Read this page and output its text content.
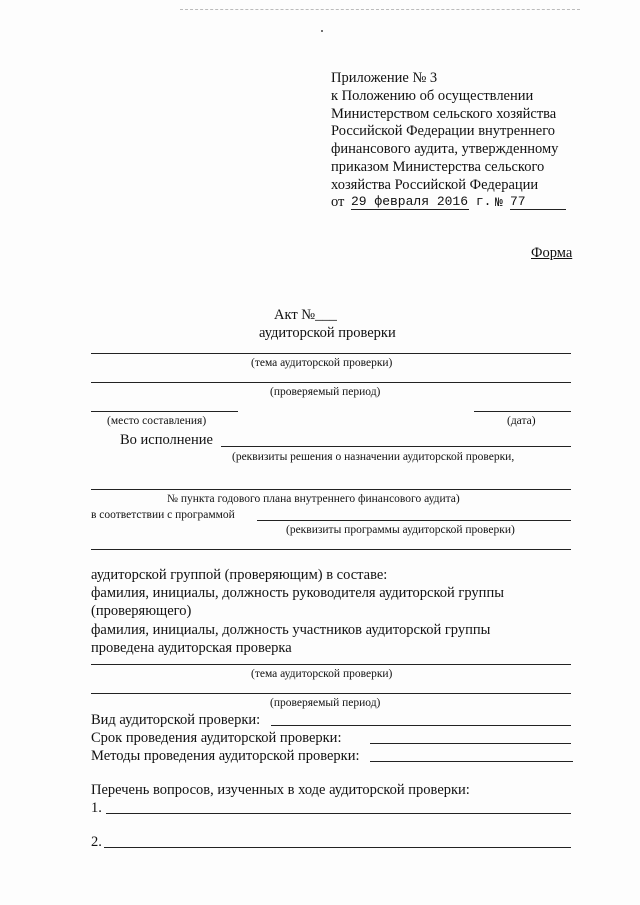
Приложение № 3
к Положению об осуществлении
Министерством сельского хозяйства
Российской Федерации внутреннего
финансового аудита, утвержденному
приказом Министерства сельского
хозяйства Российской Федерации
от 29 февраля 2016 г. № 77
Форма
Акт №___
аудиторской проверки
(тема аудиторской проверки)
(проверяемый период)
(место составления)	(дата)
Во исполнение
(реквизиты решения о назначении аудиторской проверки,
№ пункта годового плана внутреннего финансового аудита)
в соответствии с программой
(реквизиты программы аудиторской проверки)
аудиторской группой (проверяющим) в составе:
фамилия, инициалы, должность руководителя аудиторской группы
(проверяющего)
фамилия, инициалы, должность участников аудиторской группы
проведена аудиторская проверка
(тема аудиторской проверки)
(проверяемый период)
Вид аудиторской проверки:
Срок проведения аудиторской проверки:
Методы проведения аудиторской проверки:
Перечень вопросов, изученных в ходе аудиторской проверки:
1.
2.
